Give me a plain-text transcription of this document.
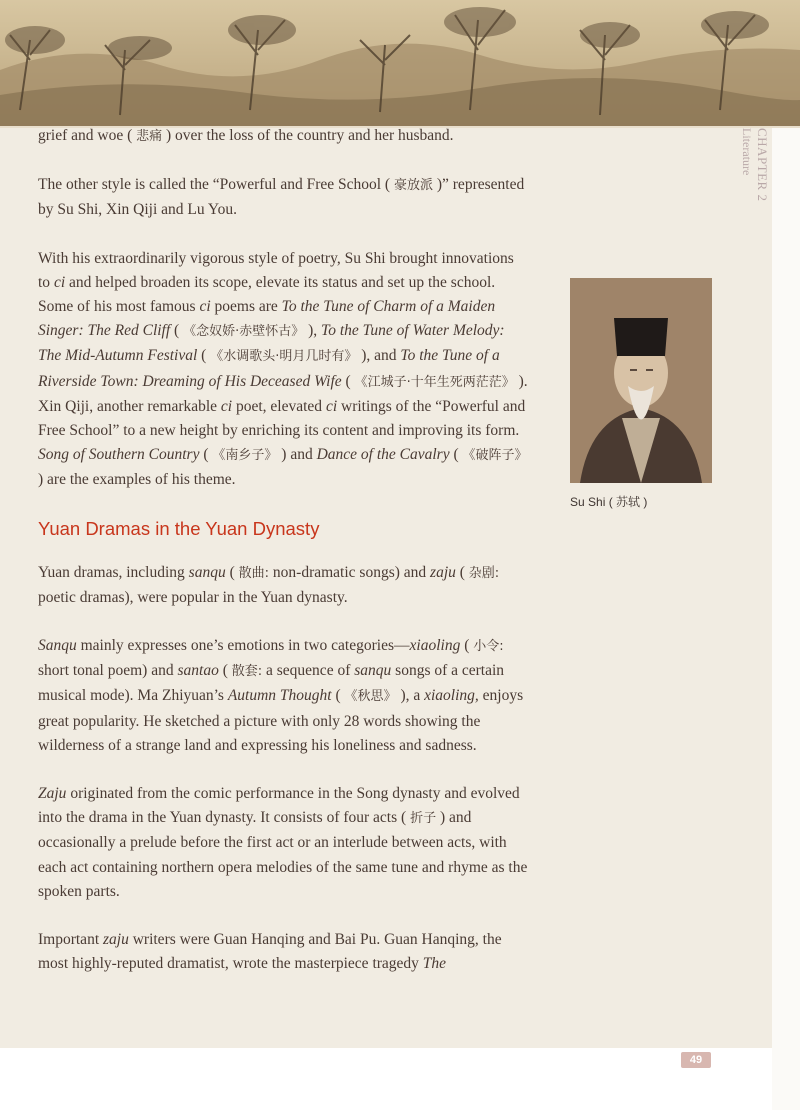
CHAPTER 2
Literature

grief and woe ( 悲痛 ) over the loss of the country and her husband.

The other style is called the “Powerful and Free School ( 豪放派 )” represented by Su Shi, Xin Qiji and Lu You.

With his extraordinarily vigorous style of poetry, Su Shi brought innovations to ci and helped broaden its scope, elevate its status and set up the school. Some of his most famous ci poems are To the Tune of Charm of a Maiden Singer: The Red Cliff ( 《念奴娇·赤壁怀古》 ), To the Tune of Water Melody: The Mid-Autumn Festival ( 《水调歌头·明月几时有》 ), and To the Tune of a Riverside Town: Dreaming of His Deceased Wife ( 《江城子·十年生死两茫茫》 ). Xin Qiji, another remarkable ci poet, elevated ci writings of the “Powerful and Free School” to a new height by enriching its content and improving its form. Song of Southern Country ( 《南乡子》 ) and Dance of the Cavalry ( 《破阵子》 ) are the examples of his theme.

Yuan Dramas in the Yuan Dynasty

Yuan dramas, including sanqu ( 散曲: non-dramatic songs) and zaju ( 杂剧: poetic dramas), were popular in the Yuan dynasty.

Sanqu mainly expresses one’s emotions in two categories—xiaoling ( 小令: short tonal poem) and santao ( 散套: a sequence of sanqu songs of a certain musical mode). Ma Zhiyuan’s Autumn Thought ( 《秋思》 ), a xiaoling, enjoys great popularity. He sketched a picture with only 28 words showing the wilderness of a strange land and expressing his loneliness and sadness.

Zaju originated from the comic performance in the Song dynasty and evolved into the drama in the Yuan dynasty. It consists of four acts ( 折子 ) and occasionally a prelude before the first act or an interlude between acts, with each act containing northern opera melodies of the same tune and rhyme as the spoken parts.

Important zaju writers were Guan Hanqing and Bai Pu. Guan Hanqing, the most highly-reputed dramatist, wrote the masterpiece tragedy The

Su Shi ( 苏轼 )
49
